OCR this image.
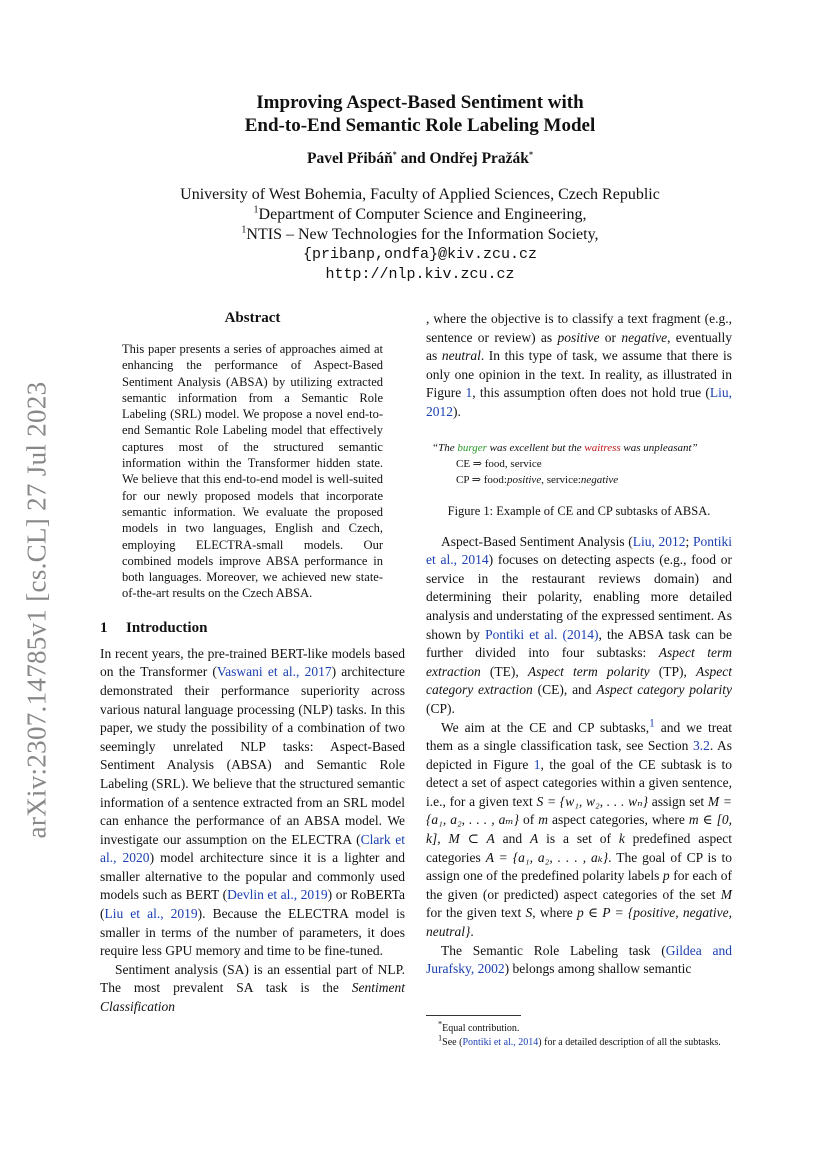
arXiv:2307.14785v1 [cs.CL] 27 Jul 2023
Improving Aspect-Based Sentiment with
End-to-End Semantic Role Labeling Model
Pavel Přibáň* and Ondřej Pražák*
University of West Bohemia, Faculty of Applied Sciences, Czech Republic
$^1$Department of Computer Science and Engineering,
$^1$NTIS – New Technologies for the Information Society,
{pribanp,ondfa}@kiv.zcu.cz
http://nlp.kiv.zcu.cz
Abstract
This paper presents a series of approaches aimed at enhancing the performance of Aspect-Based Sentiment Analysis (ABSA) by utilizing extracted semantic information from a Semantic Role Labeling (SRL) model. We propose a novel end-to-end Semantic Role Labeling model that effectively captures most of the structured semantic information within the Transformer hidden state. We believe that this end-to-end model is well-suited for our newly proposed models that incorporate semantic information. We evaluate the proposed models in two languages, English and Czech, employing ELECTRA-small models. Our combined models improve ABSA performance in both languages. Moreover, we achieved new state-of-the-art results on the Czech ABSA.
1 Introduction

In recent years, the pre-trained BERT-like models based on the Transformer (Vaswani et al., 2017) architecture demonstrated their performance superiority across various natural language processing (NLP) tasks. In this paper, we study the possibility of a combination of two seemingly unrelated NLP tasks: Aspect-Based Sentiment Analysis (ABSA) and Semantic Role Labeling (SRL). We believe that the structured semantic information of a sentence extracted from an SRL model can enhance the performance of an ABSA model. We investigate our assumption on the ELECTRA (Clark et al., 2020) model architecture since it is a lighter and smaller alternative to the popular and commonly used models such as BERT (Devlin et al., 2019) or RoBERTa (Liu et al., 2019). Because the ELECTRA model is smaller in terms of the number of parameters, it does require less GPU memory and time to be fine-tuned.

Sentiment analysis (SA) is an essential part of NLP. The most prevalent SA task is the Sentiment Classification

, where the objective is to classify a text fragment (e.g., sentence or review) as positive or negative, eventually as neutral. In this type of task, we assume that there is only one opinion in the text. In reality, as illustrated in Figure 1, this assumption often does not hold true (Liu, 2012).

“The burger was excellent but the waitress was unpleasant”
CE ⇒ food, service
CP ⇒ food:positive, service:negative
Figure 1: Example of CE and CP subtasks of ABSA.

Aspect-Based Sentiment Analysis (Liu, 2012; Pontiki et al., 2014) focuses on detecting aspects (e.g., food or service in the restaurant reviews domain) and determining their polarity, enabling more detailed analysis and understating of the expressed sentiment. As shown by Pontiki et al. (2014), the ABSA task can be further divided into four subtasks: Aspect term extraction (TE), Aspect term polarity (TP), Aspect category extraction (CE), and Aspect category polarity (CP).

We aim at the CE and CP subtasks,$^1$ and we treat them as a single classification task, see Section 3.2. As depicted in Figure 1, the goal of the CE subtask is to detect a set of aspect categories within a given sentence, i.e., for a given text S = {w₁, w₂, . . . wₙ} assign set M = {a₁, a₂, . . . , aₘ} of m aspect categories, where m ∈ [0, k], M ⊂ A and A is a set of k predefined aspect categories A = {a₁, a₂, . . . , aₖ}. The goal of CP is to assign one of the predefined polarity labels p for each of the given (or predicted) aspect categories of the set M for the given text S, where p ∈ P = {positive, negative, neutral}.

The Semantic Role Labeling task (Gildea and Jurafsky, 2002) belongs among shallow semantic

*Equal contribution.
$^1$See (Pontiki et al., 2014) for a detailed description of all the subtasks.
